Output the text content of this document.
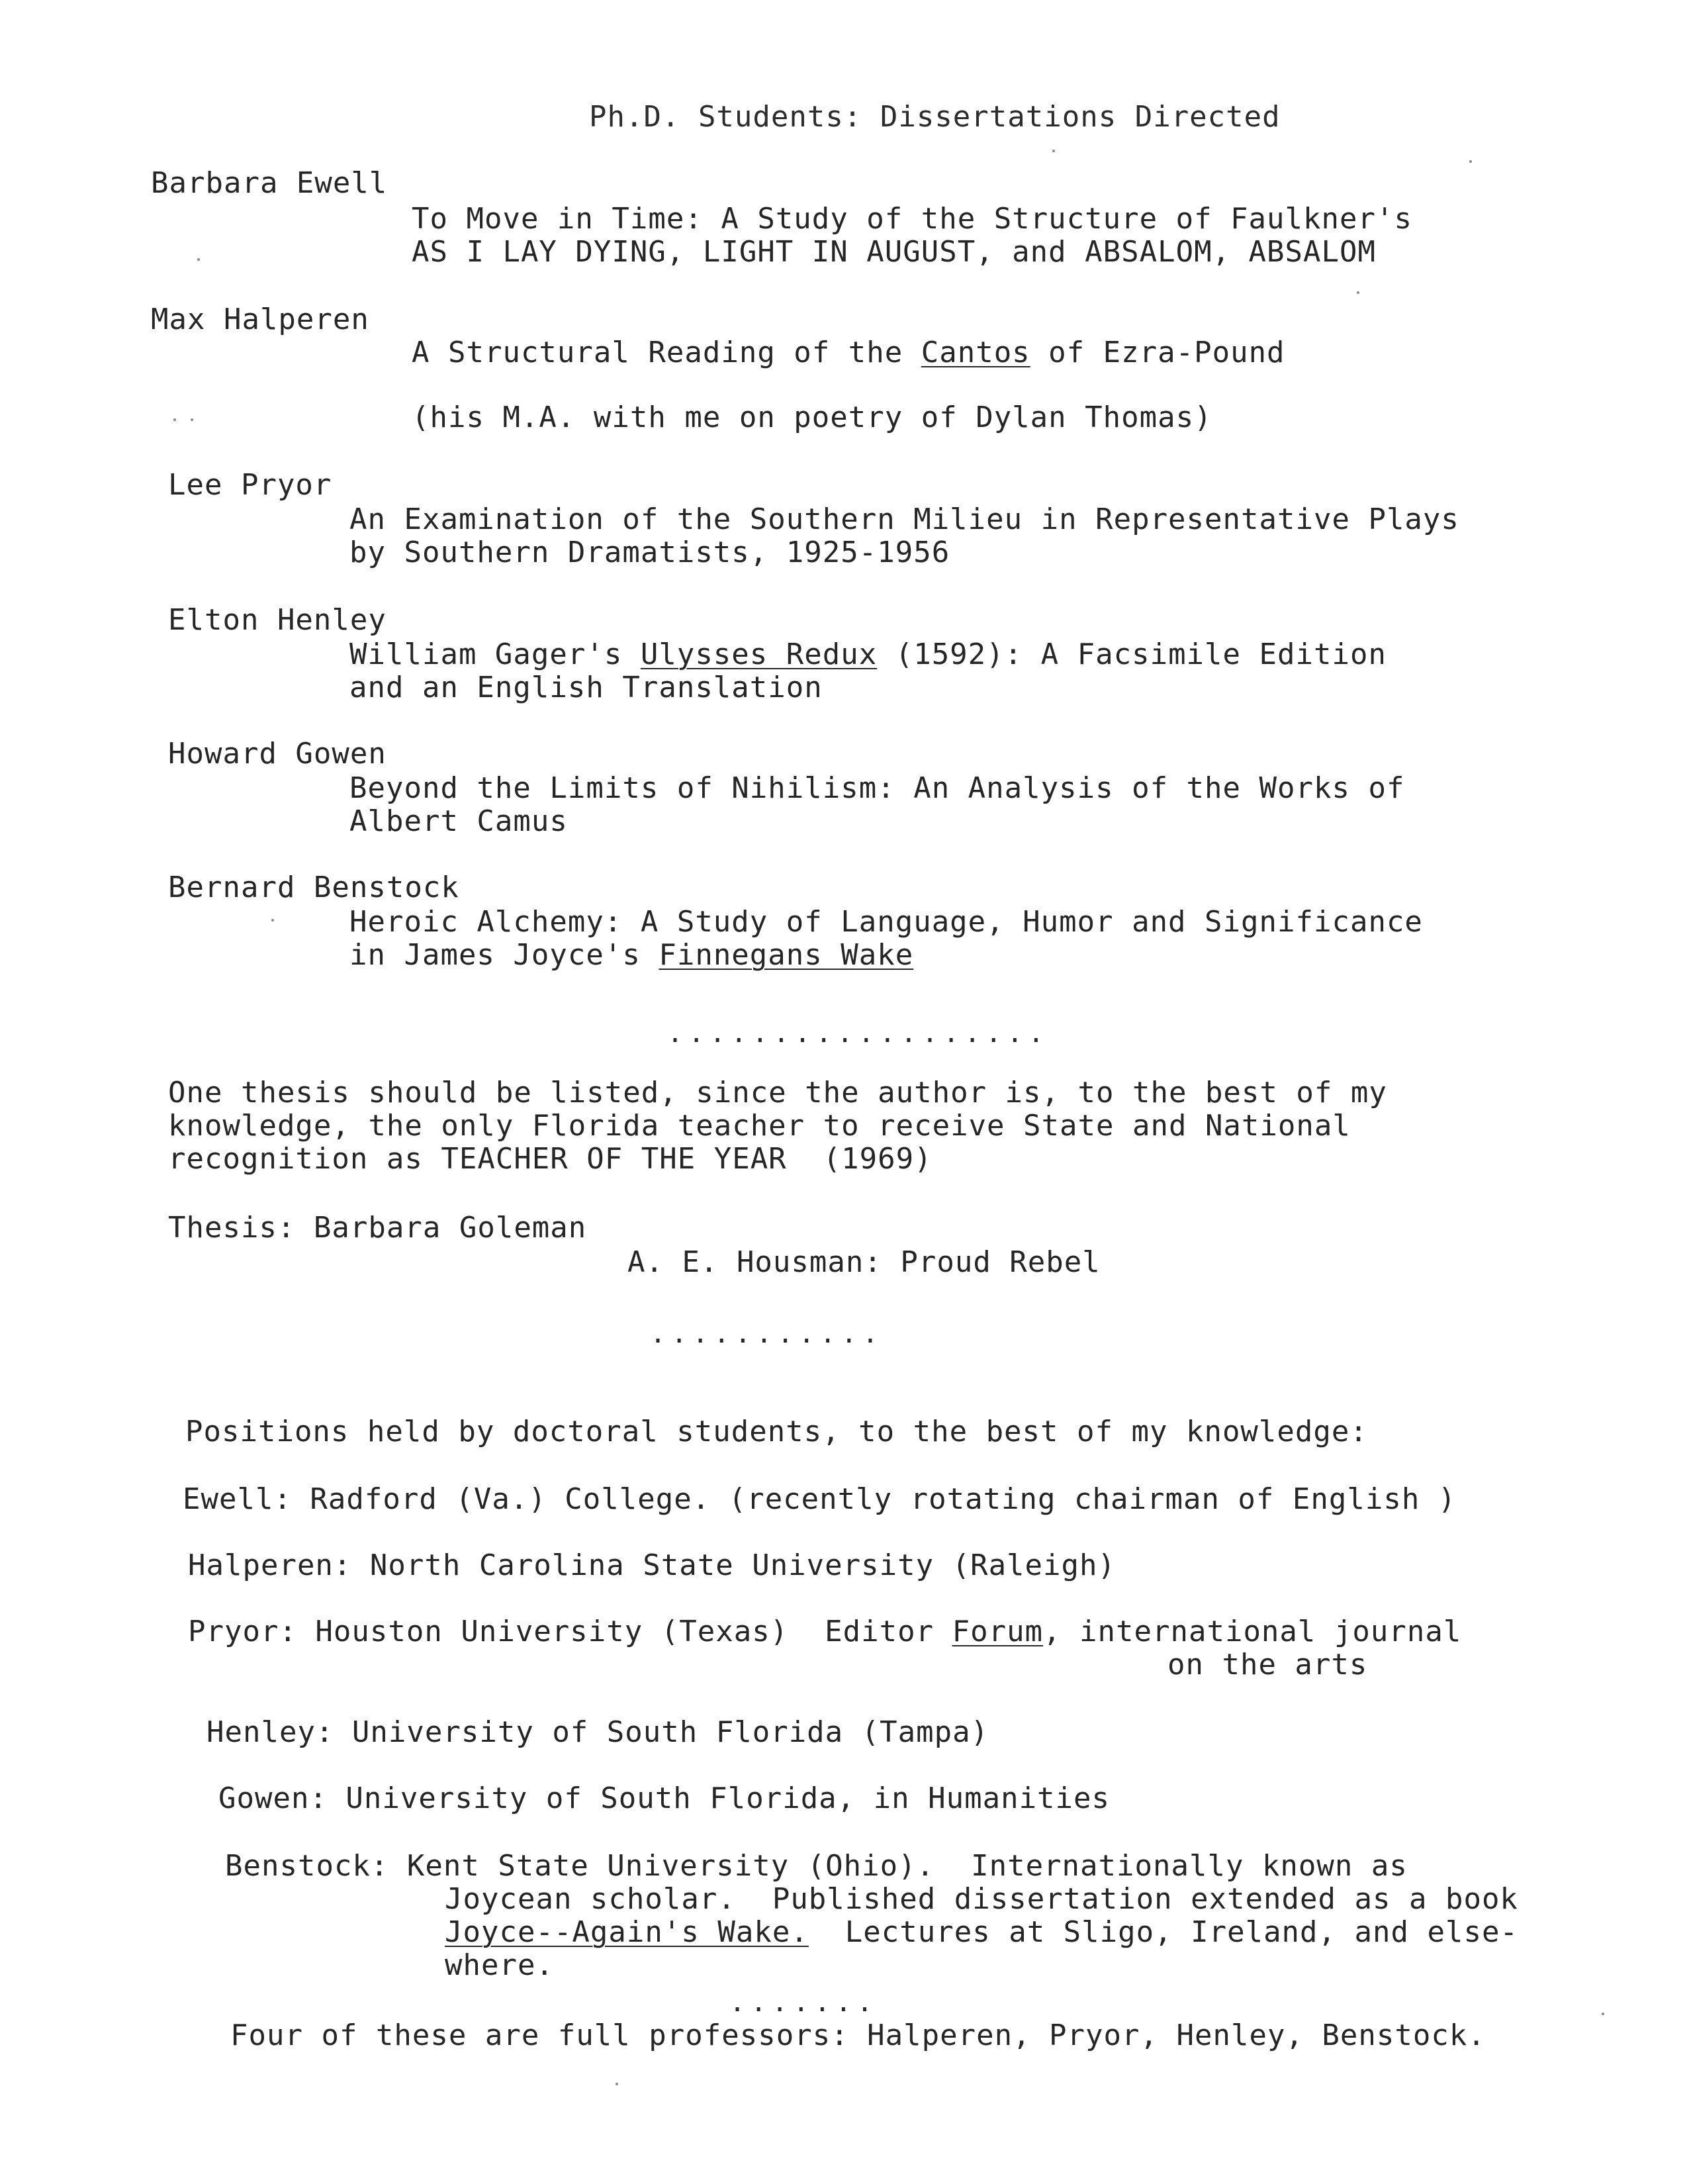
Ph.D. Students: Dissertations Directed
Barbara Ewell
To Move in Time: A Study of the Structure of Faulkner's
AS I LAY DYING, LIGHT IN AUGUST, and ABSALOM, ABSALOM
Max Halperen
A Structural Reading of the Cantos of Ezra-Pound
(his M.A. with me on poetry of Dylan Thomas)
Lee Pryor
An Examination of the Southern Milieu in Representative Plays
by Southern Dramatists, 1925-1956
Elton Henley
William Gager's Ulysses Redux (1592): A Facsimile Edition
and an English Translation
Howard Gowen
Beyond the Limits of Nihilism: An Analysis of the Works of
Albert Camus
Bernard Benstock
Heroic Alchemy: A Study of Language, Humor and Significance
in James Joyce's Finnegans Wake
..................
One thesis should be listed, since the author is, to the best of my
knowledge, the only Florida teacher to receive State and National
recognition as TEACHER OF THE YEAR  (1969)
Thesis: Barbara Goleman
A. E. Housman: Proud Rebel
...........
Positions held by doctoral students, to the best of my knowledge:
Ewell: Radford (Va.) College. (recently rotating chairman of English )
Halperen: North Carolina State University (Raleigh)
Pryor: Houston University (Texas)  Editor Forum, international journal
on the arts
Henley: University of South Florida (Tampa)
Gowen: University of South Florida, in Humanities
Benstock: Kent State University (Ohio).  Internationally known as
Joycean scholar.  Published dissertation extended as a book
Joyce--Again's Wake.  Lectures at Sligo, Ireland, and else-
where.
.......
Four of these are full professors: Halperen, Pryor, Henley, Benstock.
